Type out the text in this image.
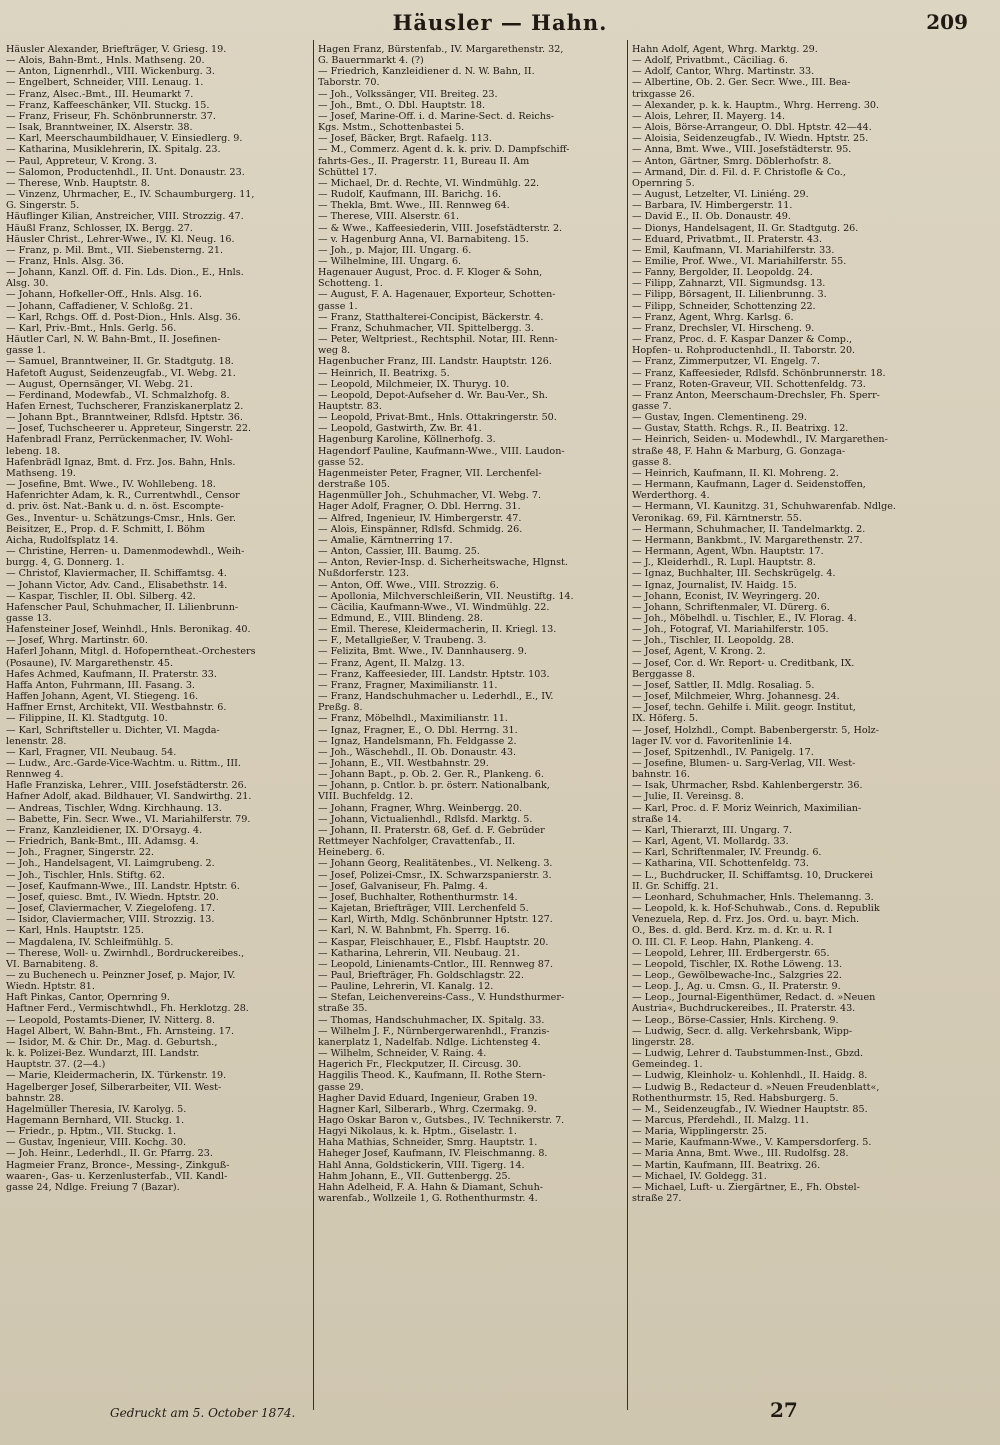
Häusler — Hahn.	209
Häusler Alexander, Briefträger, V. Griesg. 19.
— Alois, Bahn-Bmt., Hnls. Mathseng. 20.
— Anton, Lignenrhdl., VIII. Wickenburg. 3.
— Engelbert, Schneider, VIII. Lenaug. 1.
— Franz, Alsec.-Bmt., III. Heumarkt 7.
— Franz, Kaffeeschänker, VII. Stuckg. 15.
— Franz, Friseur, Fh. Schönbrunnerstr. 37.
— Isak, Branntweiner, IX. Alserstr. 38.
— Karl, Meerschaumbildhauer, V. Einsiedlerg. 9.
— Katharina, Musiklehrerin, IX. Spitalg. 23.
— Paul, Appreteur, V. Krong. 3.
— Salomon, Productenhdl., II. Unt. Donaustr. 23.
— Therese, Wnb. Hauptstr. 8.
— Vinzenz, Uhrmacher, E., IV. Schaumburgerg. 11,
G. Singerstr. 5.
Häuflinger Kilian, Anstreicher, VIII. Strozzig. 47.
Häußl Franz, Schlosser, IX. Bergg. 27.
Häusler Christ., Lehrer-Wwe., IV. Kl. Neug. 16.
— Franz, p. Mil. Bmt., VII. Siebensterng. 21.
— Franz, Hnls. Alsg. 36.
— Johann, Kanzl. Off. d. Fin. Lds. Dion., E., Hnls.
Alsg. 30.
— Johann, Hofkeller-Off., Hnls. Alsg. 16.
— Johann, Caffadiener, V. Schloßg. 21.
— Karl, Rchgs. Off. d. Post-Dion., Hnls. Alsg. 36.
— Karl, Priv.-Bmt., Hnls. Gerlg. 56.
Häutler Carl, N. W. Bahn-Bmt., II. Josefinen-
gasse 1.
— Samuel, Branntweiner, II. Gr. Stadtgutg. 18.
Hafetoft August, Seidenzeugfab., VI. Webg. 21.
— August, Opernsänger, VI. Webg. 21.
— Ferdinand, Modewfab., VI. Schmalzhofg. 8.
Hafen Ernest, Tuchscherer, Franziskanerplatz 2.
— Johann Bpt., Branntweiner, Rdlsfd. Hptstr. 36.
— Josef, Tuchscheerer u. Appreteur, Singerstr. 22.
Hafenbradl Franz, Perrückenmacher, IV. Wohl-
lebeng. 18.
Hafenbrädl Ignaz, Bmt. d. Frz. Jos. Bahn, Hnls.
Mathseng. 19.
— Josefine, Bmt. Wwe., IV. Wohllebeng. 18.
Hafenrichter Adam, k. R., Currentwhdl., Censor
d. priv. öst. Nat.-Bank u. d. n. öst. Escompte-
Ges., Inventur- u. Schätzungs-Cmsr., Hnls. Ger.
Beisitzer, E., Prop. d. F. Schmitt, I. Böhm
Aicha, Rudolfsplatz 14.
— Christine, Herren- u. Damenmodewhdl., Weih-
burgg. 4, G. Donnerg. 1.
— Christof, Klaviermacher, II. Schiffamtsg. 4.
— Johann Victor, Adv. Cand., Elisabethstr. 14.
— Kaspar, Tischler, II. Obl. Silberg. 42.
Hafenscher Paul, Schuhmacher, II. Lilienbrunn-
gasse 13.
Hafensteiner Josef, Weinhdl., Hnls. Beronikag. 40.
— Josef, Whrg. Martinstr. 60.
Haferl Johann, Mitgl. d. Hofoperntheat.-Orchesters
(Posaune), IV. Margarethenstr. 45.
Hafes Achmed, Kaufmann, II. Praterstr. 33.
Haffa Anton, Fuhrmann, III. Fasang. 3.
Haffen Johann, Agent, VI. Stiegeng. 16.
Haffner Ernst, Architekt, VII. Westbahnstr. 6.
— Filippine, II. Kl. Stadtgutg. 10.
— Karl, Schriftsteller u. Dichter, VI. Magda-
lenenstr. 28.
— Karl, Fragner, VII. Neubaug. 54.
— Ludw., Arc.-Garde-Vice-Wachtm. u. Rittm., III.
Rennweg 4.
Hafle Franziska, Lehrer., VIII. Josefstädterstr. 26.
Hafner Adolf, akad. Bildhauer, VI. Sandwirthg. 21.
— Andreas, Tischler, Wdng. Kirchhaung. 13.
— Babette, Fin. Secr. Wwe., VI. Mariahilferstr. 79.
— Franz, Kanzleidiener, IX. D'Orsayg. 4.
— Friedrich, Bank-Bmt., III. Adamsg. 4.
— Joh., Fragner, Singerstr. 22.
— Joh., Handelsagent, VI. Laimgrubeng. 2.
— Joh., Tischler, Hnls. Stiftg. 62.
— Josef, Kaufmann-Wwe., III. Landstr. Hptstr. 6.
— Josef, quiesc. Bmt., IV. Wiedn. Hptstr. 20.
— Josef, Claviermacher, V. Ziegelofeng. 17.
— Isidor, Claviermacher, VIII. Strozzig. 13.
— Karl, Hnls. Hauptstr. 125.
— Magdalena, IV. Schleifmühlg. 5.
— Therese, Woll- u. Zwirnhdl., Bordruckereibes.,
VI. Barnabiteng. 8.
— zu Buchenech u. Peinzner Josef, p. Major, IV.
Wiedn. Hptstr. 81.
Haft Pinkas, Cantor, Opernring 9.
Haftner Ferd., Vermischtwhdl., Fh. Herklotzg. 28.
— Leopold, Postamts-Diener, IV. Nitterg. 8.
Hagel Albert, W. Bahn-Bmt., Fh. Arnsteing. 17.
— Isidor, M. & Chir. Dr., Mag. d. Geburtsh.,
k. k. Polizei-Bez. Wundarzt, III. Landstr.
Hauptstr. 37. (2—4.)
— Marie, Kleidermacherin, IX. Türkenstr. 19.
Hagelberger Josef, Silberarbeiter, VII. West-
bahnstr. 28.
Hagelmüller Theresia, IV. Karolyg. 5.
Hagemann Bernhard, VII. Stuckg. 1.
— Friedr., p. Hptm., VII. Stuckg. 1.
— Gustav, Ingenieur, VIII. Kochg. 30.
— Joh. Heinr., Lederhdl., II. Gr. Pfarrg. 23.
Hagmeier Franz, Bronce-, Messing-, Zinkguß-
waaren-, Gas- u. Kerzenlusterfab., VII. Kandl-
gasse 24, Ndlge. Freiung 7 (Bazar).
Hagen Franz, Bürstenfab., IV. Margarethenstr. 32,
G. Bauernmarkt 4. (?)
— Friedrich, Kanzleidiener d. N. W. Bahn, II.
Taborstr. 70.
— Joh., Volkssänger, VII. Breiteg. 23.
— Joh., Bmt., O. Dbl. Hauptstr. 18.
— Josef, Marine-Off. i. d. Marine-Sect. d. Reichs-
Kgs. Mstm., Schottenbastei 5.
— Josef, Bäcker, Brgt. Rafaelg. 113.
— M., Commerz. Agent d. k. k. priv. D. Dampfschiff-
fahrts-Ges., II. Pragerstr. 11, Bureau II. Am
Schüttel 17.
— Michael, Dr. d. Rechte, VI. Windmühlg. 22.
— Rudolf, Kaufmann, III. Barichg. 16.
— Thekla, Bmt. Wwe., III. Rennweg 64.
— Therese, VIII. Alserstr. 61.
— & Wwe., Kaffeesiederin, VIII. Josefstädterstr. 2.
— v. Hagenburg Anna, VI. Barnabiteng. 15.
— Joh., p. Major, III. Ungarg. 6.
— Wilhelmine, III. Ungarg. 6.
Hagenauer August, Proc. d. F. Kloger & Sohn,
Schotteng. 1.
— August, F. A. Hagenauer, Exporteur, Schotten-
gasse 1.
— Franz, Statthalterei-Concipist, Bäckerstr. 4.
— Franz, Schuhmacher, VII. Spittelbergg. 3.
— Peter, Weltpriest., Rechtsphil. Notar, III. Renn-
weg 8.
Hagenbucher Franz, III. Landstr. Hauptstr. 126.
— Heinrich, II. Beatrixg. 5.
— Leopold, Milchmeier, IX. Thuryg. 10.
— Leopold, Depot-Aufseher d. Wr. Bau-Ver., Sh.
Hauptstr. 83.
— Leopold, Privat-Bmt., Hnls. Ottakringerstr. 50.
— Leopold, Gastwirth, Zw. Br. 41.
Hagenburg Karoline, Köllnerhofg. 3.
Hagendorf Pauline, Kaufmann-Wwe., VIII. Laudon-
gasse 52.
Hagenmeister Peter, Fragner, VII. Lerchenfel-
derstraße 105.
Hagenmüller Joh., Schuhmacher, VI. Webg. 7.
Hager Adolf, Fragner, O. Dbl. Herrng. 31.
— Alfred, Ingenieur, IV. Himbergerstr. 47.
— Alois, Einspänner, Rdlsfd. Schmidg. 26.
— Amalie, Kärntnerring 17.
— Anton, Cassier, III. Baumg. 25.
— Anton, Revier-Insp. d. Sicherheitswache, Hlgnst.
Nußdorferstr. 123.
— Anton, Off. Wwe., VIII. Strozzig. 6.
— Apollonia, Milchverschleißerin, VII. Neustiftg. 14.
— Cäcilia, Kaufmann-Wwe., VI. Windmühlg. 22.
— Edmund, E., VIII. Blindeng. 28.
— Emil. Therese, Kleidermacherin, II. Kriegl. 13.
— F., Metallgießer, V. Traubeng. 3.
— Felizita, Bmt. Wwe., IV. Dannhauserg. 9.
— Franz, Agent, II. Malzg. 13.
— Franz, Kaffeesieder, III. Landstr. Hptstr. 103.
— Franz, Fragner, Maximilianstr. 11.
— Franz, Handschuhmacher u. Lederhdl., E., IV.
Preßg. 8.
— Franz, Möbelhdl., Maximilianstr. 11.
— Ignaz, Fragner, E., O. Dbl. Herrng. 31.
— Ignaz, Handelsmann, Fh. Feldgasse 2.
— Joh., Wäschehdl., II. Ob. Donaustr. 43.
— Johann, E., VII. Westbahnstr. 29.
— Johann Bapt., p. Ob. 2. Ger. R., Plankeng. 6.
— Johann, p. Cntlor. b. pr. österr. Nationalbank,
VIII. Buchfeldg. 12.
— Johann, Fragner, Whrg. Weinbergg. 20.
— Johann, Victualienhdl., Rdlsfd. Marktg. 5.
— Johann, II. Praterstr. 68, Gef. d. F. Gebrüder
Rettmeyer Nachfolger, Cravattenfab., II.
Heineberg. 6.
— Johann Georg, Realitätenbes., VI. Nelkeng. 3.
— Josef, Polizei-Cmsr., IX. Schwarzspanierstr. 3.
— Josef, Galvaniseur, Fh. Palmg. 4.
— Josef, Buchhalter, Rothenthurmstr. 14.
— Kajetan, Briefträger, VIII. Lerchenfeld 5.
— Karl, Wirth, Mdlg. Schönbrunner Hptstr. 127.
— Karl, N. W. Bahnbmt, Fh. Sperrg. 16.
— Kaspar, Fleischhauer, E., Flsbf. Hauptstr. 20.
— Katharina, Lehrerin, VII. Neubaug. 21.
— Leopold, Linienamts-Cntlor., III. Rennweg 87.
— Paul, Briefträger, Fh. Goldschlagstr. 22.
— Pauline, Lehrerin, VI. Kanalg. 12.
— Stefan, Leichenvereins-Cass., V. Hundsthurmer-
straße 35.
— Thomas, Handschuhmacher, IX. Spitalg. 33.
— Wilhelm J. F., Nürnbergerwarenhdl., Franzis-
kanerplatz 1, Nadelfab. Ndlge. Lichtensteg 4.
— Wilhelm, Schneider, V. Raing. 4.
Hagerich Fr., Fleckputzer, II. Circusg. 30.
Haggilis Theod. K., Kaufmann, II. Rothe Stern-
gasse 29.
Hagher David Eduard, Ingenieur, Graben 19.
Hagner Karl, Silberarb., Whrg. Czermakg. 9.
Hago Oskar Baron v., Gutsbes., IV. Technikerstr. 7.
Hagyi Nikolaus, k. k. Hptm., Giselastr. 1.
Haha Mathias, Schneider, Smrg. Hauptstr. 1.
Haheger Josef, Kaufmann, IV. Fleischmanng. 8.
Hahl Anna, Goldstickerin, VIII. Tigerg. 14.
Hahm Johann, E., VII. Guttenbergg. 25.
Hahn Adelheid, F. A. Hahn & Diamant, Schuh-
warenfab., Wollzeile 1, G. Rothenthurmstr. 4.
Hahn Adolf, Agent, Whrg. Marktg. 29.
— Adolf, Privatbmt., Cäciliag. 6.
— Adolf, Cantor, Whrg. Martinstr. 33.
— Albertine, Ob. 2. Ger. Secr. Wwe., III. Bea-
trixgasse 26.
— Alexander, p. k. k. Hauptm., Whrg. Herreng. 30.
— Alois, Lehrer, II. Mayerg. 14.
— Alois, Börse-Arrangeur, O. Dbl. Hptstr. 42—44.
— Aloisia, Seidenzeugfab., IV. Wiedn. Hptstr. 25.
— Anna, Bmt. Wwe., VIII. Josefstädterstr. 95.
— Anton, Gärtner, Smrg. Döblerhofstr. 8.
— Armand, Dir. d. Fil. d. F. Christofle & Co.,
Opernring 5.
— August, Letzelter, VI. Liniéng. 29.
— Barbara, IV. Himbergerstr. 11.
— David E., II. Ob. Donaustr. 49.
— Dionys, Handelsagent, II. Gr. Stadtgutg. 26.
— Eduard, Privatbmt., II. Praterstr. 43.
— Emil, Kaufmann, VI. Mariahilferstr. 33.
— Emilie, Prof. Wwe., VI. Mariahilferstr. 55.
— Fanny, Bergolder, II. Leopoldg. 24.
— Filipp, Zahnarzt, VII. Sigmundsg. 13.
— Filipp, Börsagent, II. Lilienbrunng. 3.
— Filipp, Schneider, Schottenzing 22.
— Franz, Agent, Whrg. Karlsg. 6.
— Franz, Drechsler, VI. Hirscheng. 9.
— Franz, Proc. d. F. Kaspar Danzer & Comp.,
Hopfen- u. Rohproductenhdl., II. Taborstr. 20.
— Franz, Zimmerputzer, VI. Engelg. 7.
— Franz, Kaffeesieder, Rdlsfd. Schönbrunnerstr. 18.
— Franz, Roten-Graveur, VII. Schottenfeldg. 73.
— Franz Anton, Meerschaum-Drechsler, Fh. Sperr-
gasse 7.
— Gustav, Ingen. Clementineng. 29.
— Gustav, Statth. Rchgs. R., II. Beatrixg. 12.
— Heinrich, Seiden- u. Modewhdl., IV. Margarethen-
straße 48, F. Hahn & Marburg, G. Gonzaga-
gasse 8.
— Heinrich, Kaufmann, II. Kl. Mohreng. 2.
— Hermann, Kaufmann, Lager d. Seidenstoffen,
Werderthorg. 4.
— Hermann, VI. Kaunitzg. 31, Schuhwarenfab. Ndlge.
Veronikag. 69, Fil. Kärntnerstr. 55.
— Hermann, Schuhmacher, II. Tandelmarktg. 2.
— Hermann, Bankbmt., IV. Margarethenstr. 27.
— Hermann, Agent, Wbn. Hauptstr. 17.
— J., Kleiderhdl., R. Lupl. Hauptstr. 8.
— Ignaz, Buchhalter, III. Sechskrügelg. 4.
— Ignaz, Journalist, IV. Haidg. 15.
— Johann, Econist, IV. Weyringerg. 20.
— Johann, Schriftenmaler, VI. Dürerg. 6.
— Joh., Möbelhdl. u. Tischler, E., IV. Florag. 4.
— Joh., Fotograf, VI. Mariahilferstr. 105.
— Joh., Tischler, II. Leopoldg. 28.
— Josef, Agent, V. Krong. 2.
— Josef, Cor. d. Wr. Report- u. Creditbank, IX.
Berggasse 8.
— Josef, Sattler, II. Mdlg. Rosaliag. 5.
— Josef, Milchmeier, Whrg. Johannesg. 24.
— Josef, techn. Gehilfe i. Milit. geogr. Institut,
IX. Höferg. 5.
— Josef, Holzhdl., Compt. Babenbergerstr. 5, Holz-
lager IV. vor d. Favoritenlinie 14.
— Josef, Spitzenhdl., IV. Panigelg. 17.
— Josefine, Blumen- u. Sarg-Verlag, VII. West-
bahnstr. 16.
— Isak, Uhrmacher, Rsbd. Kahlenbergerstr. 36.
— Julie, II. Vereinsg. 8.
— Karl, Proc. d. F. Moriz Weinrich, Maximilian-
straße 14.
— Karl, Thierarzt, III. Ungarg. 7.
— Karl, Agent, VI. Mollardg. 33.
— Karl, Schriftenmaler, IV. Freundg. 6.
— Katharina, VII. Schottenfeldg. 73.
— L., Buchdrucker, II. Schiffamtsg. 10, Druckerei
II. Gr. Schiffg. 21.
— Leonhard, Schuhmacher, Hnls. Thelemanng. 3.
— Leopold, k. k. Hof-Schuhwab., Cons. d. Republik
Venezuela, Rep. d. Frz. Jos. Ord. u. bayr. Mich.
O., Bes. d. gld. Berd. Krz. m. d. Kr. u. R. I
O. III. Cl. F. Leop. Hahn, Plankeng. 4.
— Leopold, Lehrer, III. Erdbergerstr. 65.
— Leopold, Tischler, IX. Rothe Löweng. 13.
— Leop., Gewölbewache-Inc., Salzgries 22.
— Leop. J., Ag. u. Cmsn. G., II. Praterstr. 9.
— Leop., Journal-Eigenthümer, Redact. d. »Neuen
Austria«, Buchdruckereibes., II. Praterstr. 43.
— Leop., Börse-Cassier, Hnls. Kircheng. 9.
— Ludwig, Secr. d. allg. Verkehrsbank, Wipp-
lingerstr. 28.
— Ludwig, Lehrer d. Taubstummen-Inst., Gbzd.
Gemeindeg. 1.
— Ludwig, Kleinholz- u. Kohlenhdl., II. Haidg. 8.
— Ludwig B., Redacteur d. »Neuen Freudenblatt«,
Rothenthurmstr. 15, Red. Habsburgerg. 5.
— M., Seidenzeugfab., IV. Wiedner Hauptstr. 85.
— Marcus, Pferdehdl., II. Malzg. 11.
— Maria, Wipplingerstr. 25.
— Marie, Kaufmann-Wwe., V. Kampersdorferg. 5.
— Maria Anna, Bmt. Wwe., III. Rudolfsg. 28.
— Martin, Kaufmann, III. Beatrixg. 26.
— Michael, IV. Goldegg. 31.
— Michael, Luft- u. Ziergärtner, E., Fh. Obstel-
straße 27.
Gedruckt am 5. October 1874.	27
